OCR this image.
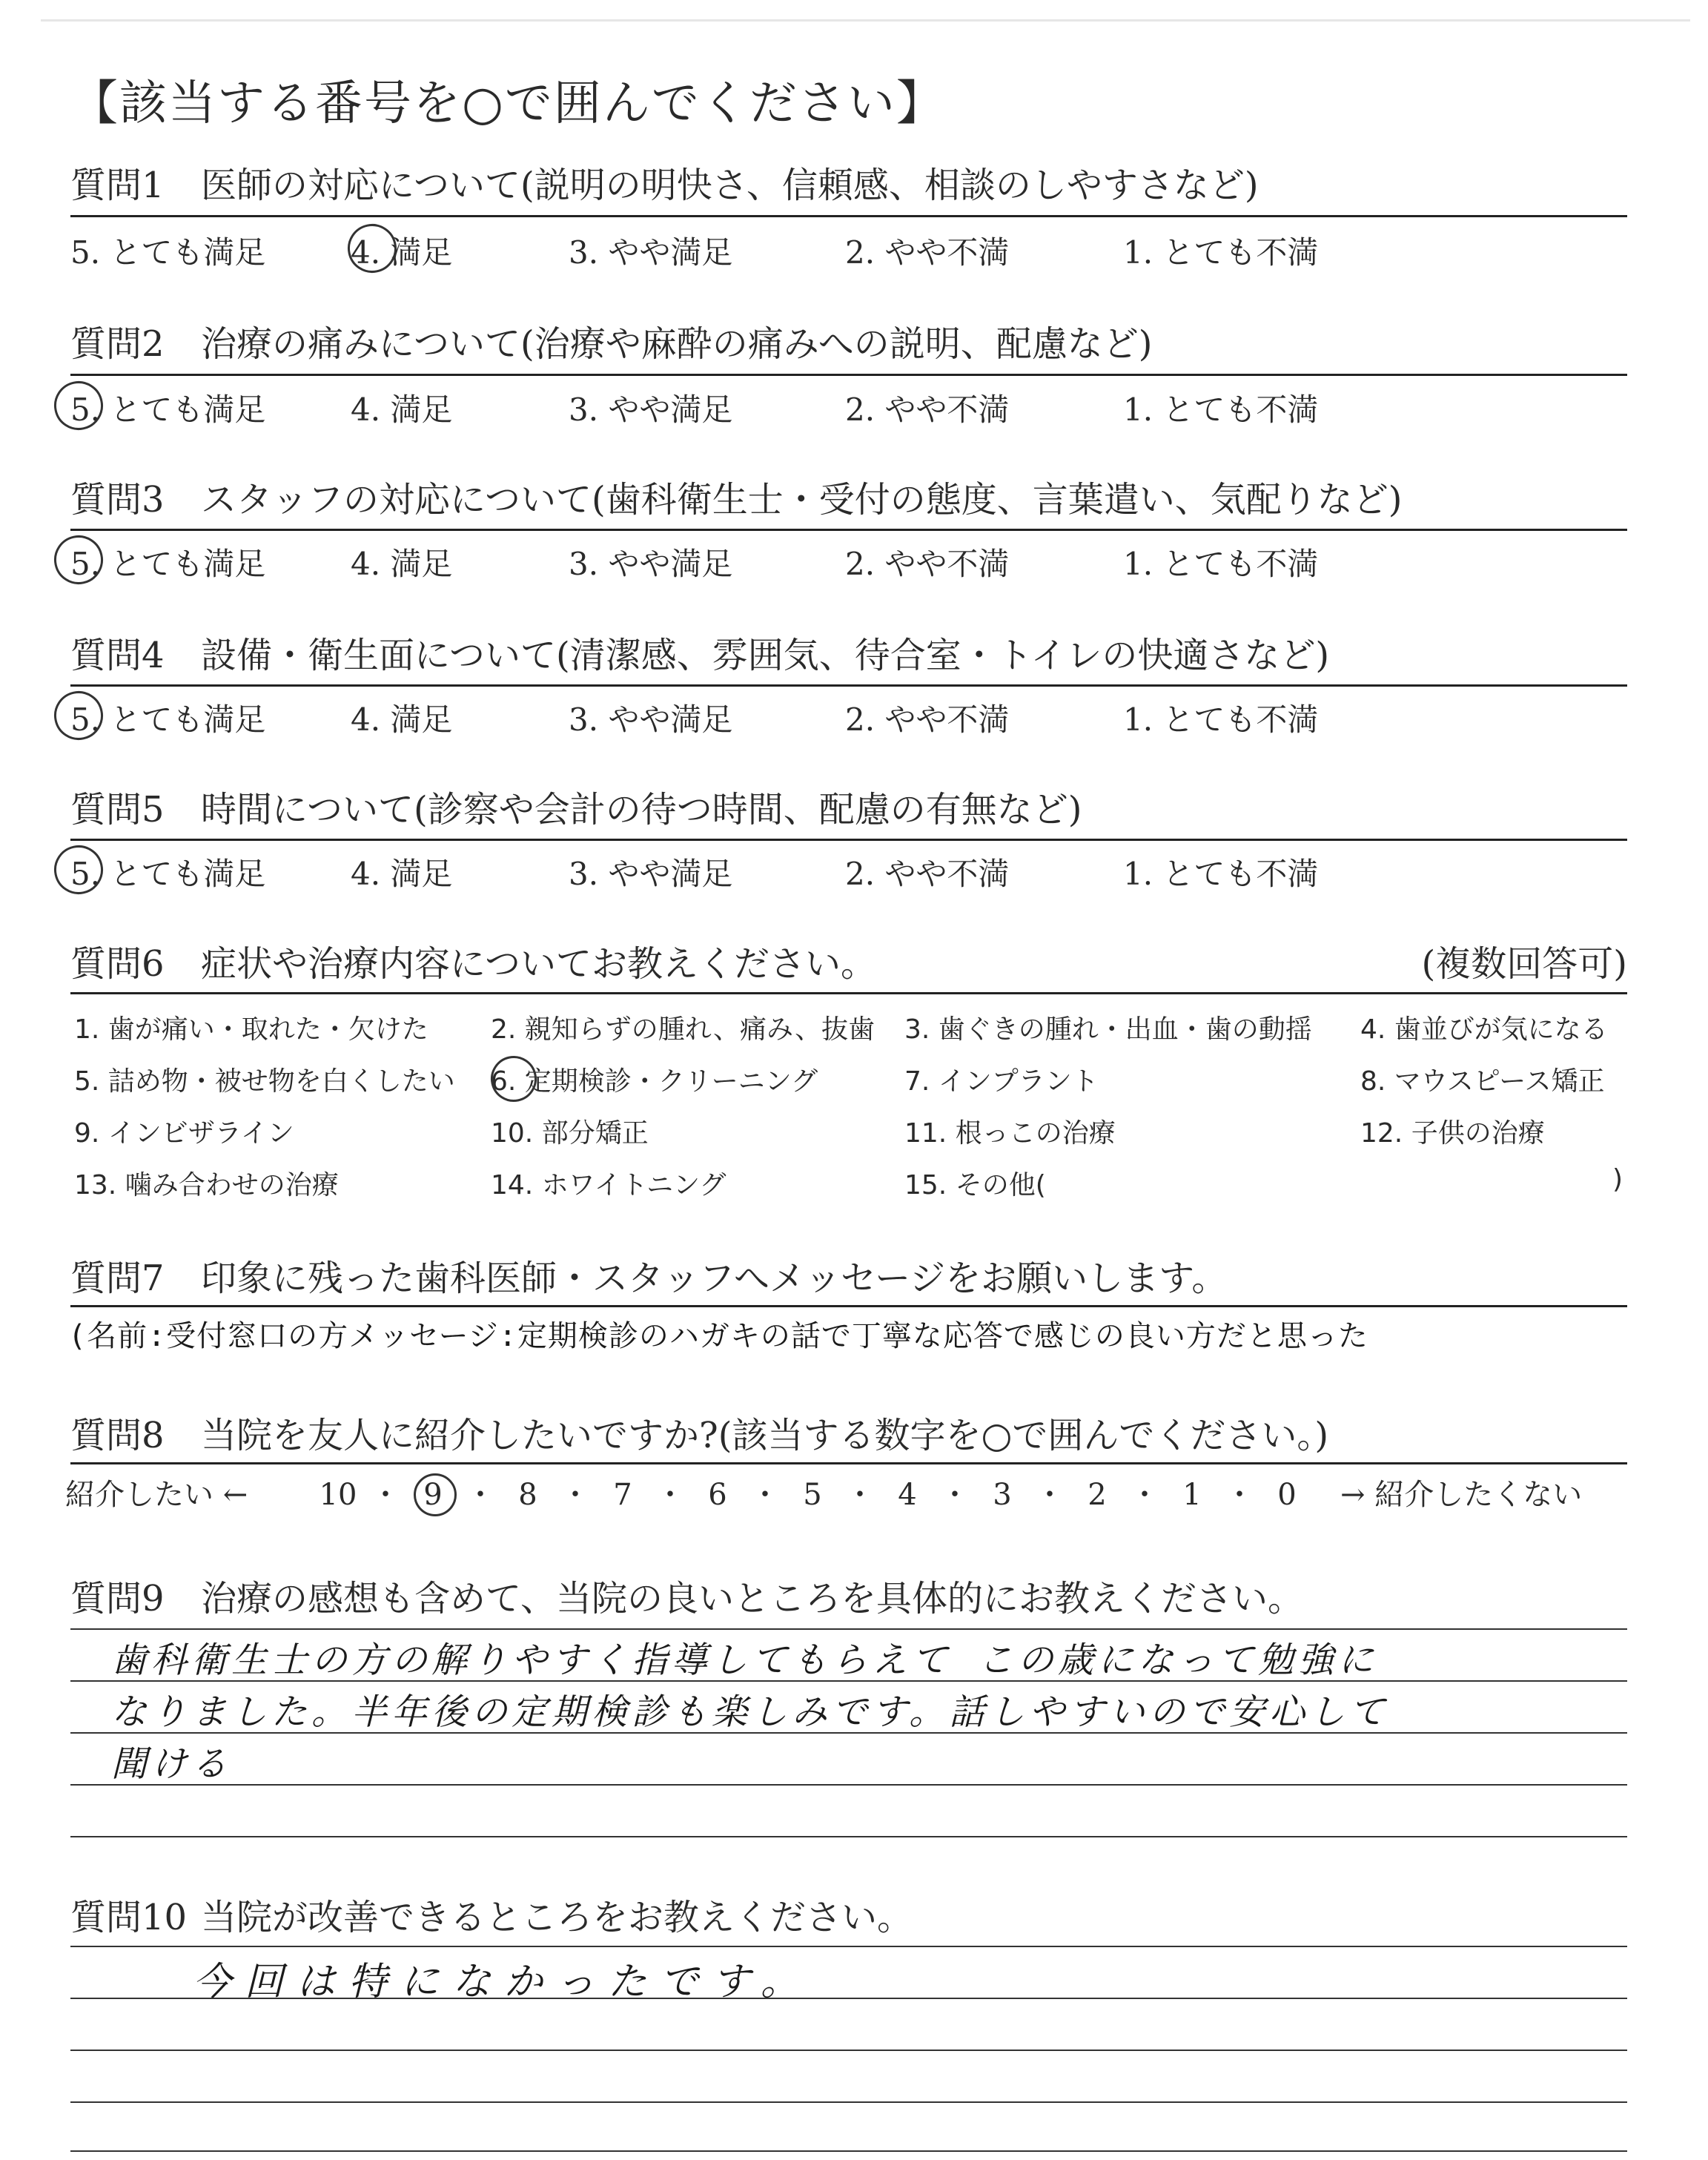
【該当する番号を○で囲んでください】
質問1 医師の対応について(説明の明快さ、信頼感、相談のしやすさなど)
5. とても満足	4. 満足	3. やや満足	2. やや不満	1. とても不満
質問2 治療の痛みについて(治療や麻酔の痛みへの説明、配慮など)
5. とても満足	4. 満足	3. やや満足	2. やや不満	1. とても不満
質問3 スタッフの対応について(歯科衛生士・受付の態度、言葉遣い、気配りなど)
5. とても満足	4. 満足	3. やや満足	2. やや不満	1. とても不満
質問4 設備・衛生面について(清潔感、雰囲気、待合室・トイレの快適さなど)
5. とても満足	4. 満足	3. やや満足	2. やや不満	1. とても不満
質問5 時間について(診察や会計の待つ時間、配慮の有無など)
5. とても満足	4. 満足	3. やや満足	2. やや不満	1. とても不満
質問6 症状や治療内容についてお教えください。	(複数回答可)
1. 歯が痛い・取れた・欠けた 2. 親知らずの腫れ、痛み、抜歯 3. 歯ぐきの腫れ・出血・歯の動揺 4. 歯並びが気になる
5. 詰め物・被せ物を白くしたい 6. 定期検診・クリーニング	7. インプラント	8. マウスピース矯正
9. インビザライン	10. 部分矯正	11. 根っこの治療	12. 子供の治療
13. 噛み合わせの治療	14. ホワイトニング	15. その他(	)
質問7 印象に残った歯科医師・スタッフへメッセージをお願いします。
(名前:受付窓口の方メッセージ:定期検診のハガキの話で丁寧な応答で感じの良い方だと思った
質問8 当院を友人に紹介したいですか?(該当する数字を○で囲んでください。)
紹介したい ←	10 ・ 9 ・ 8 ・ 7 ・ 6 ・ 5 ・ 4 ・ 3 ・ 2 ・ 1 ・ 0	→ 紹介したくない
質問9 治療の感想も含めて、当院の良いところを具体的にお教えください。
歯科衛生士の方の解りやすく指導してもらえて この歳になって勉強に
なりました。半年後の定期検診も楽しみです。話しやすいので安心して
聞ける
質問10 当院が改善できるところをお教えください。
今回は特になかったです。
